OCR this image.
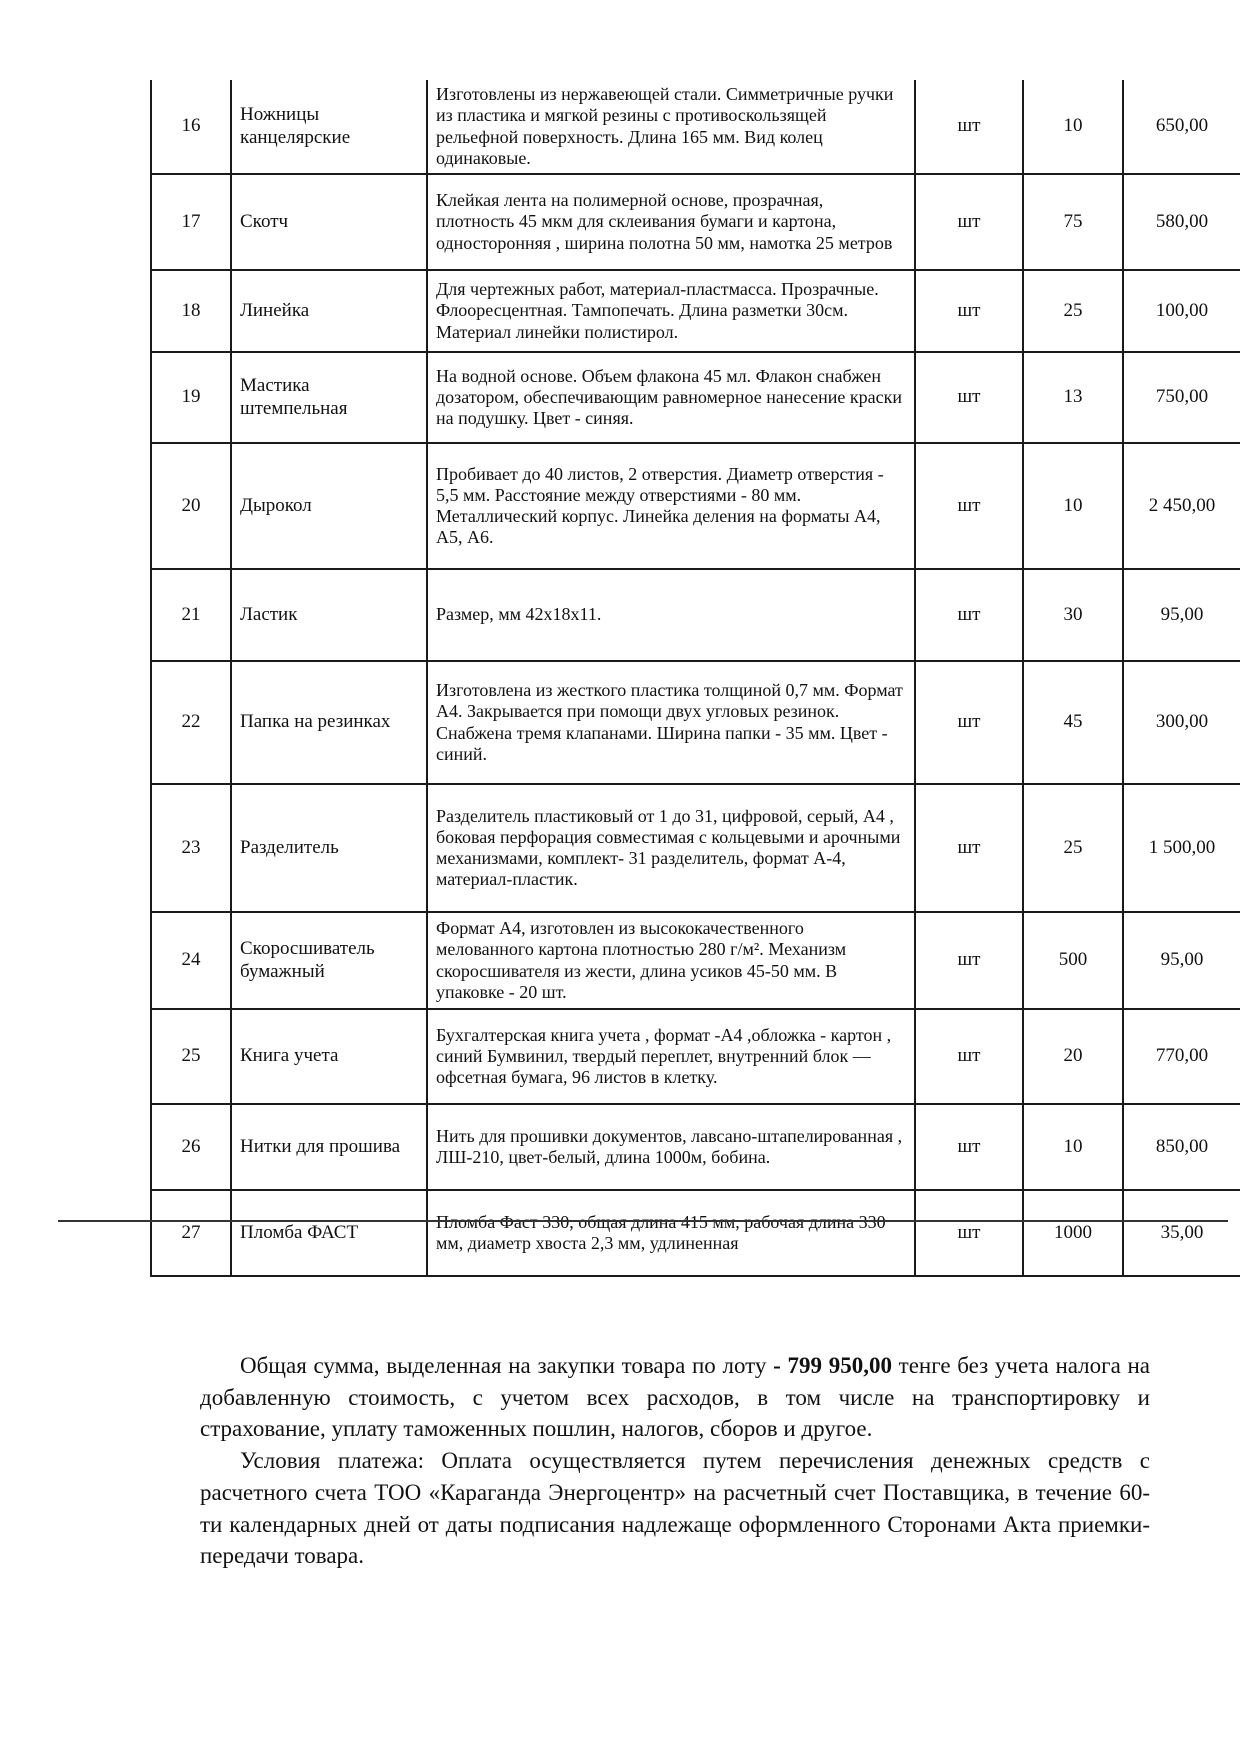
16	Ножницы канцелярские	Изготовлены из нержавеющей стали. Симметричные ручки из пластика и мягкой резины с противоскользящей рельефной поверхность. Длина 165 мм. Вид колец одинаковые.	шт	10	650,00
17	Скотч	Клейкая лента на полимерной основе, прозрачная, плотность 45 мкм для склеивания бумаги и картона, односторонняя , ширина полотна 50 мм, намотка 25 метров	шт	75	580,00
18	Линейка	Для чертежных работ, материал-пластмасса. Прозрачные. Флооресцентная. Тампопечать. Длина разметки 30см. Материал линейки полистирол.	шт	25	100,00
19	Мастика штемпельная	На водной основе. Объем флакона 45 мл. Флакон снабжен дозатором, обеспечивающим равномерное нанесение краски на подушку. Цвет - синяя.	шт	13	750,00
20	Дырокол	Пробивает до 40 листов, 2 отверстия. Диаметр отверстия - 5,5 мм. Расстояние между отверстиями - 80 мм. Металлический корпус. Линейка деления на форматы А4, А5, А6.	шт	10	2 450,00
21	Ластик	Размер, мм 42х18х11.	шт	30	95,00
22	Папка на резинках	Изготовлена из жесткого пластика толщиной 0,7 мм. Формат А4. Закрывается при помощи двух угловых резинок. Снабжена тремя клапанами. Ширина папки - 35 мм. Цвет - синий.	шт	45	300,00
23	Разделитель	Разделитель пластиковый от 1 до 31, цифровой, серый, А4 , боковая перфорация совместимая с кольцевыми и арочными механизмами, комплект- 31 разделитель, формат А-4, материал-пластик.	шт	25	1 500,00
24	Скоросшиватель бумажный	Формат А4, изготовлен из высококачественного мелованного картона плотностью 280 г/м². Механизм скоросшивателя из жести, длина усиков 45-50 мм. В упаковке - 20 шт.	шт	500	95,00
25	Книга учета	Бухгалтерская книга учета , формат -А4 ,обложка - картон , синий Бумвинил, твердый переплет, внутренний блок — офсетная бумага, 96 листов в клетку.	шт	20	770,00
26	Нитки для прошива	Нить для прошивки документов, лавсано-штапелированная , ЛШ-210, цвет-белый, длина 1000м, бобина.	шт	10	850,00
27	Пломба ФАСТ	мм, диаметр хвоста 2,3 мм, удлиненная	шт	1000	35,00

Общая сумма, выделенная на закупки товара по лоту - 799 950,00 тенге без учета налога на добавленную стоимость, с учетом всех расходов, в том числе на транспортировку и страхование, уплату таможенных пошлин, налогов, сборов и другое.

Условия платежа: Оплата осуществляется путем перечисления денежных средств с расчетного счета ТОО «Караганда Энергоцентр» на расчетный счет Поставщика, в течение 60-ти календарных дней от даты подписания надлежаще оформленного Сторонами Акта приемки-передачи товара.
